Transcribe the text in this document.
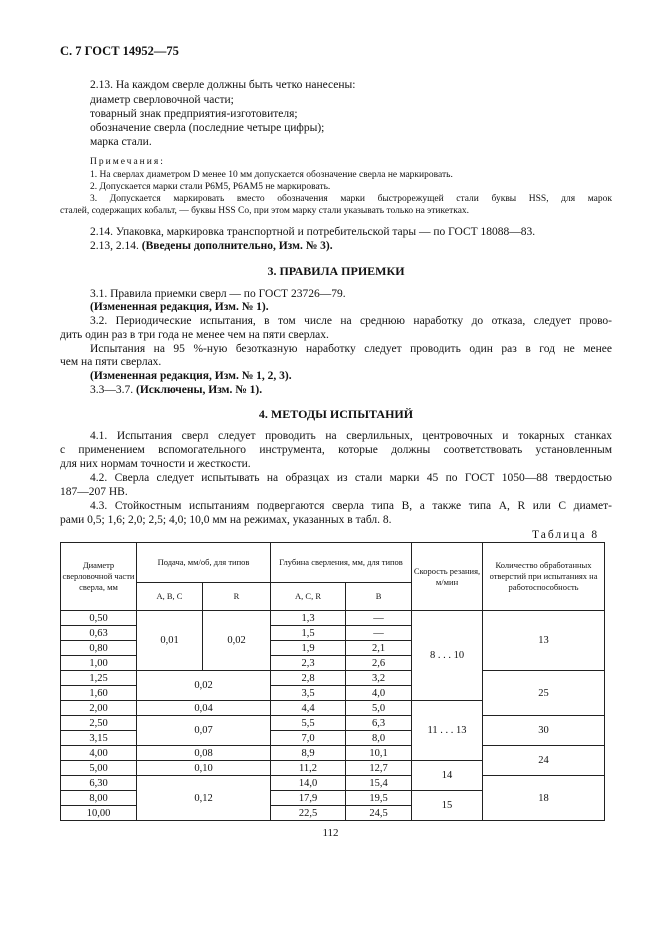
С. 7 ГОСТ 14952—75
2.13. На каждом сверле должны быть четко нанесены:
диаметр сверловочной части;
товарный знак предприятия-изготовителя;
обозначение сверла (последние четыре цифры);
марка стали.
Примечания:
1. На сверлах диаметром D менее 10 мм допускается обозначение сверла не маркировать.
2. Допускается марки стали Р6М5, Р6АМ5 не маркировать.
3. Допускается маркировать вместо обозначения марки быстрорежущей стали буквы HSS, для марок
сталей, содержащих кобальт, — буквы HSS Co, при этом марку стали указывать только на этикетках.
2.14. Упаковка, маркировка транспортной и потребительской тары — по ГОСТ 18088—83.
2.13, 2.14. (Введены дополнительно, Изм. № 3).
3. ПРАВИЛА ПРИЕМКИ
3.1. Правила приемки сверл — по ГОСТ 23726—79.
(Измененная редакция, Изм. № 1).
3.2. Периодические испытания, в том числе на среднюю наработку до отказа, следует прово-
дить один раз в три года не менее чем на пяти сверлах.
Испытания на 95 %-ную безотказную наработку следует проводить один раз в год не менее
чем на пяти сверлах.
(Измененная редакция, Изм. № 1, 2, 3).
3.3—3.7. (Исключены, Изм. № 1).
4. МЕТОДЫ ИСПЫТАНИЙ
4.1. Испытания сверл следует проводить на сверлильных, центровочных и токарных станках
с применением вспомогательного инструмента, которые должны соответствовать установленным
для них нормам точности и жесткости.
4.2. Сверла следует испытывать на образцах из стали марки 45 по ГОСТ 1050—88 твердостью
187—207 НВ.
4.3. Стойкостным испытаниям подвергаются сверла типа В, а также типа А, R или С диамет-
рами 0,5; 1,6; 2,0; 2,5; 4,0; 10,0 мм на режимах, указанных в табл. 8.
Таблица 8
Диаметр сверловочной части сверла, мм	Подача, мм/об, для типов		Глубина сверления, мм, для типов		Скорость резания, м/мин	Количество обработанных отверстий при испытаниях на работоспособность
	А, В, С	R	А, С, R	В		
0,50	0,01	0,02	1,3	—	8 . . . 10	13
0,63			1,5	—		
0,80			1,9	2,1		
1,00			2,3	2,6		
1,25	0,02		2,8	3,2		25
1,60			3,5	4,0		
2,00	0,04		4,4	5,0	11 . . . 13	
2,50	0,07		5,5	6,3		30
3,15			7,0	8,0		
4,00	0,08		8,9	10,1		24
5,00	0,10		11,2	12,7	14	
6,30	0,12		14,0	15,4		18
8,00			17,9	19,5	15	
10,00			22,5	24,5		
112
